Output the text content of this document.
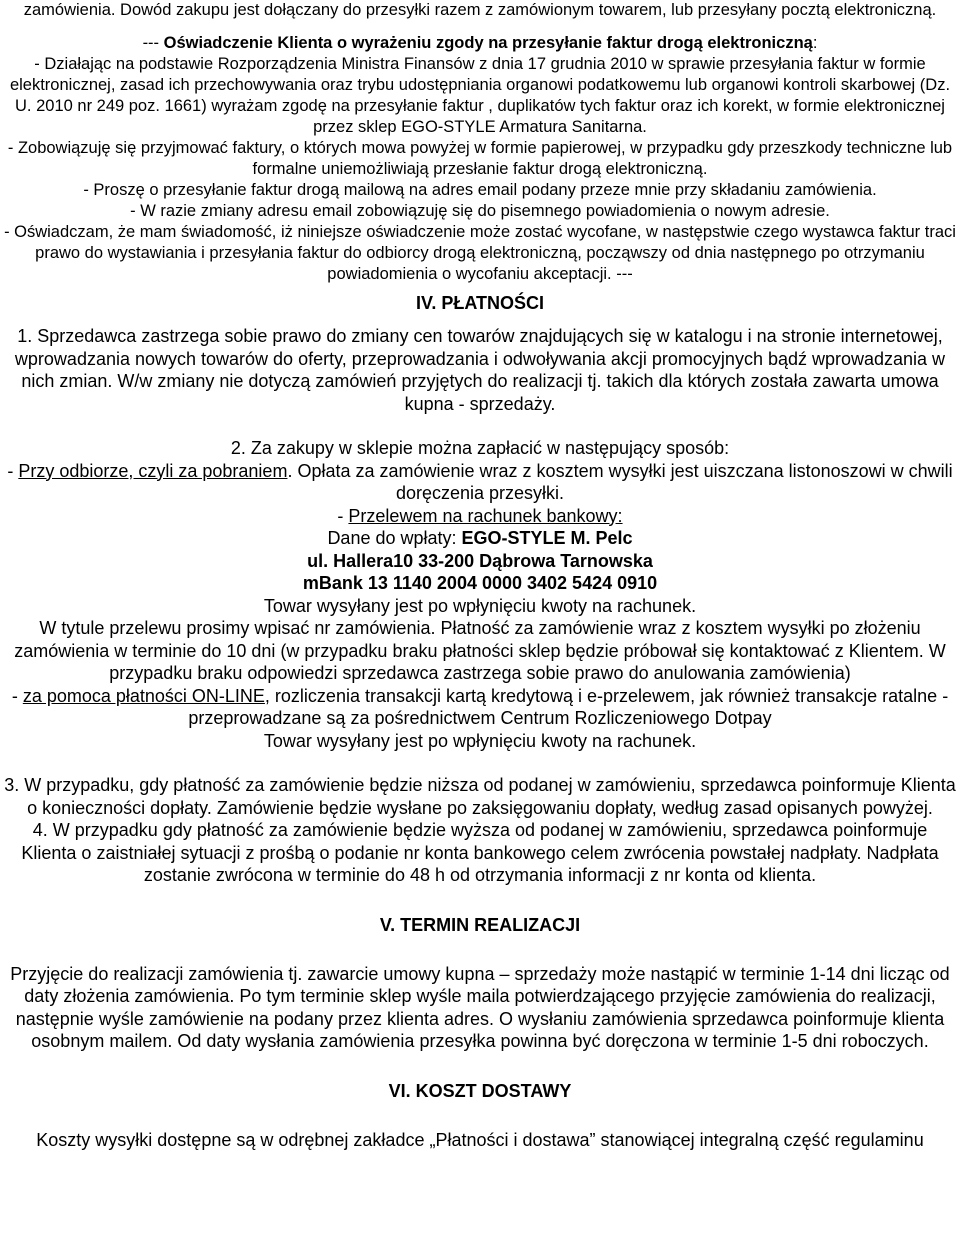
zamówienia. Dowód zakupu jest dołączany do przesyłki razem z zamówionym towarem, lub przesyłany pocztą elektroniczną.

--- Oświadczenie Klienta o wyrażeniu zgody na przesyłanie faktur drogą elektroniczną:

- Działając na podstawie Rozporządzenia Ministra Finansów z dnia 17 grudnia 2010 w sprawie przesyłania faktur w formie elektronicznej, zasad ich przechowywania oraz trybu udostępniania organowi podatkowemu lub organowi kontroli skarbowej (Dz. U. 2010 nr 249 poz. 1661) wyrażam zgodę na przesyłanie faktur , duplikatów tych faktur oraz ich korekt, w formie elektronicznej przez sklep EGO-STYLE Armatura Sanitarna.

- Zobowiązuję się przyjmować faktury, o których mowa powyżej w formie papierowej, w przypadku gdy przeszkody techniczne lub formalne uniemożliwiają przesłanie faktur drogą elektroniczną.

- Proszę o przesyłanie faktur drogą mailową na adres email podany przeze mnie przy składaniu zamówienia.

- W razie zmiany adresu email zobowiązuję się do pisemnego powiadomienia o nowym adresie.

- Oświadczam, że mam świadomość, iż niniejsze oświadczenie może zostać wycofane, w następstwie czego wystawca faktur traci prawo do wystawiania i przesyłania faktur do odbiorcy drogą elektroniczną, począwszy od dnia następnego po otrzymaniu powiadomienia o wycofaniu akceptacji. ---

IV. PŁATNOŚCI

1. Sprzedawca zastrzega sobie prawo do zmiany cen towarów znajdujących się w katalogu i na stronie internetowej, wprowadzania nowych towarów do oferty, przeprowadzania i odwoływania akcji promocyjnych bądź wprowadzania w nich zmian. W/w zmiany nie dotyczą zamówień przyjętych do realizacji tj. takich dla których została zawarta umowa kupna - sprzedaży.

2. Za zakupy w sklepie można zapłacić w następujący sposób:

- Przy odbiorze, czyli za pobraniem. Opłata za zamówienie wraz z kosztem wysyłki jest uiszczana listonoszowi w chwili doręczenia przesyłki.

- Przelewem na rachunek bankowy:

Dane do wpłaty: EGO-STYLE M. Pelc

ul. Hallera10 33-200 Dąbrowa Tarnowska

mBank 13 1140 2004 0000 3402 5424 0910

Towar wysyłany jest po wpłynięciu kwoty na rachunek.

W tytule przelewu prosimy wpisać nr zamówienia. Płatność za zamówienie wraz z kosztem wysyłki po złożeniu zamówienia w terminie do 10 dni (w przypadku braku płatności sklep będzie próbował się kontaktować z Klientem. W przypadku braku odpowiedzi sprzedawca zastrzega sobie prawo do anulowania zamówienia)

- za pomoca płatności ON-LINE, rozliczenia transakcji kartą kredytową i e-przelewem, jak również transakcje ratalne - przeprowadzane są za pośrednictwem Centrum Rozliczeniowego Dotpay

Towar wysyłany jest po wpłynięciu kwoty na rachunek.

3. W przypadku, gdy płatność za zamówienie będzie niższa od podanej w zamówieniu, sprzedawca poinformuje Klienta o konieczności dopłaty. Zamówienie będzie wysłane po zaksięgowaniu dopłaty, według zasad opisanych powyżej.

4. W przypadku gdy płatność za zamówienie będzie wyższa od podanej w zamówieniu, sprzedawca poinformuje Klienta o zaistniałej sytuacji z prośbą o podanie nr konta bankowego celem zwrócenia powstałej nadpłaty. Nadpłata zostanie zwrócona w terminie do 48 h od otrzymania informacji z nr konta od klienta.

V. TERMIN REALIZACJI

Przyjęcie do realizacji zamówienia tj. zawarcie umowy kupna – sprzedaży może nastąpić w terminie 1-14 dni licząc od daty złożenia zamówienia. Po tym terminie sklep wyśle maila potwierdzającego przyjęcie zamówienia do realizacji, następnie wyśle zamówienie na podany przez klienta adres. O wysłaniu zamówienia sprzedawca poinformuje klienta osobnym mailem. Od daty wysłania zamówienia przesyłka powinna być doręczona w terminie 1-5 dni roboczych.

VI. KOSZT DOSTAWY

Koszty wysyłki dostępne są w odrębnej zakładce „Płatności i dostawa” stanowiącej integralną część regulaminu
